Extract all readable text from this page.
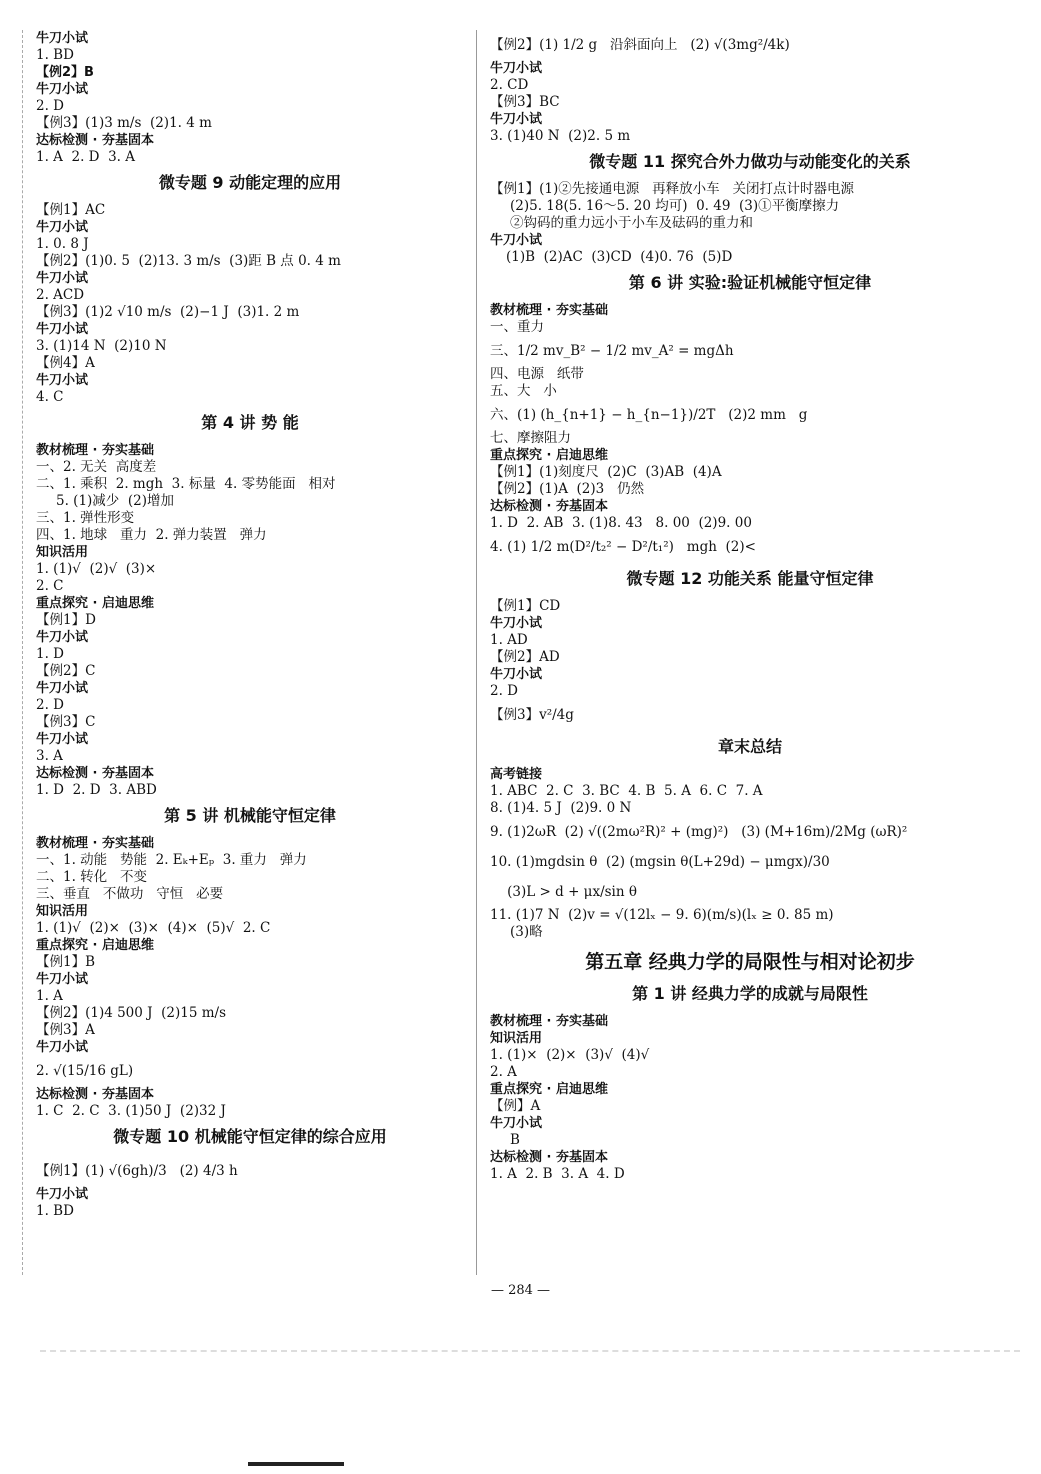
牛刀小试
1. BD
【例2】B
牛刀小试
2. D
【例3】(1)3 m/s  (2)1. 4 m
达标检测 · 夯基固本
1. A  2. D  3. A
微专题 9 动能定理的应用
【例1】AC
牛刀小试
1. 0. 8 J
【例2】(1)0. 5  (2)13. 3 m/s  (3)距 B 点 0. 4 m
牛刀小试
2. ACD
【例3】(1)2 √10 m/s  (2)−1 J  (3)1. 2 m
牛刀小试
3. (1)14 N  (2)10 N
【例4】A
牛刀小试
4. C
第 4 讲 势 能
教材梳理 · 夯实基础
一、2. 无关  高度差
二、1. 乘积  2. mgh  3. 标量  4. 零势能面   相对
5. (1)减少  (2)增加
三、1. 弹性形变
四、1. 地球   重力  2. 弹力装置   弹力
知识活用
1. (1)√  (2)√  (3)×
2. C
重点探究 · 启迪思维
【例1】D
牛刀小试
1. D
【例2】C
牛刀小试
2. D
【例3】C
牛刀小试
3. A
达标检测 · 夯基固本
1. D  2. D  3. ABD
第 5 讲 机械能守恒定律
教材梳理 · 夯实基础
一、1. 动能   势能  2. Eₖ+Eₚ  3. 重力   弹力
二、1. 转化   不变
三、垂直   不做功   守恒   必要
知识活用
1. (1)√  (2)×  (3)×  (4)×  (5)√  2. C
重点探究 · 启迪思维
【例1】B
牛刀小试
1. A
【例2】(1)4 500 J  (2)15 m/s
【例3】A
牛刀小试
2. √(15/16 gL)
达标检测 · 夯基固本
1. C  2. C  3. (1)50 J  (2)32 J
微专题 10 机械能守恒定律的综合应用
【例1】(1) √(6gh)/3   (2) 4/3 h
牛刀小试
1. BD
【例2】(1) 1/2 g   沿斜面向上   (2) √(3mg²/4k)
牛刀小试
2. CD
【例3】BC
牛刀小试
3. (1)40 N  (2)2. 5 m
微专题 11 探究合外力做功与动能变化的关系
【例1】(1)②先接通电源   再释放小车   关闭打点计时器电源
(2)5. 18(5. 16～5. 20 均可)  0. 49  (3)①平衡摩擦力
②钩码的重力远小于小车及砝码的重力和
牛刀小试
(1)B  (2)AC  (3)CD  (4)0. 76  (5)D
第 6 讲 实验:验证机械能守恒定律
教材梳理 · 夯实基础
一、重力
三、1/2 mv_B² − 1/2 mv_A² = mgΔh
四、电源   纸带
五、大   小
六、(1) (h_{n+1} − h_{n−1})/2T   (2)2 mm   g
七、摩擦阻力
重点探究 · 启迪思维
【例1】(1)刻度尺  (2)C  (3)AB  (4)A
【例2】(1)A  (2)3   仍然
达标检测 · 夯基固本
1. D  2. AB  3. (1)8. 43   8. 00  (2)9. 00
4. (1) 1/2 m(D²/t₂² − D²/t₁²)   mgh  (2)<
微专题 12 功能关系 能量守恒定律
【例1】CD
牛刀小试
1. AD
【例2】AD
牛刀小试
2. D
【例3】v²/4g
章末总结
高考链接
1. ABC  2. C  3. BC  4. B  5. A  6. C  7. A
8. (1)4. 5 J  (2)9. 0 N
9. (1)2ωR  (2) √((2mω²R)² + (mg)²)   (3) (M+16m)/2Mg (ωR)²
10. (1)mgdsin θ  (2) (mgsin θ(L+29d) − μmgx)/30
(3)L > d + μx/sin θ
11. (1)7 N  (2)v = √(12lₓ − 9. 6)(m/s)(lₓ ≥ 0. 85 m)
(3)略
第五章 经典力学的局限性与相对论初步
第 1 讲 经典力学的成就与局限性
教材梳理 · 夯实基础
知识活用
1. (1)×  (2)×  (3)√  (4)√
2. A
重点探究 · 启迪思维
【例】A
牛刀小试
B
达标检测 · 夯基固本
1. A  2. B  3. A  4. D
— 284 —
